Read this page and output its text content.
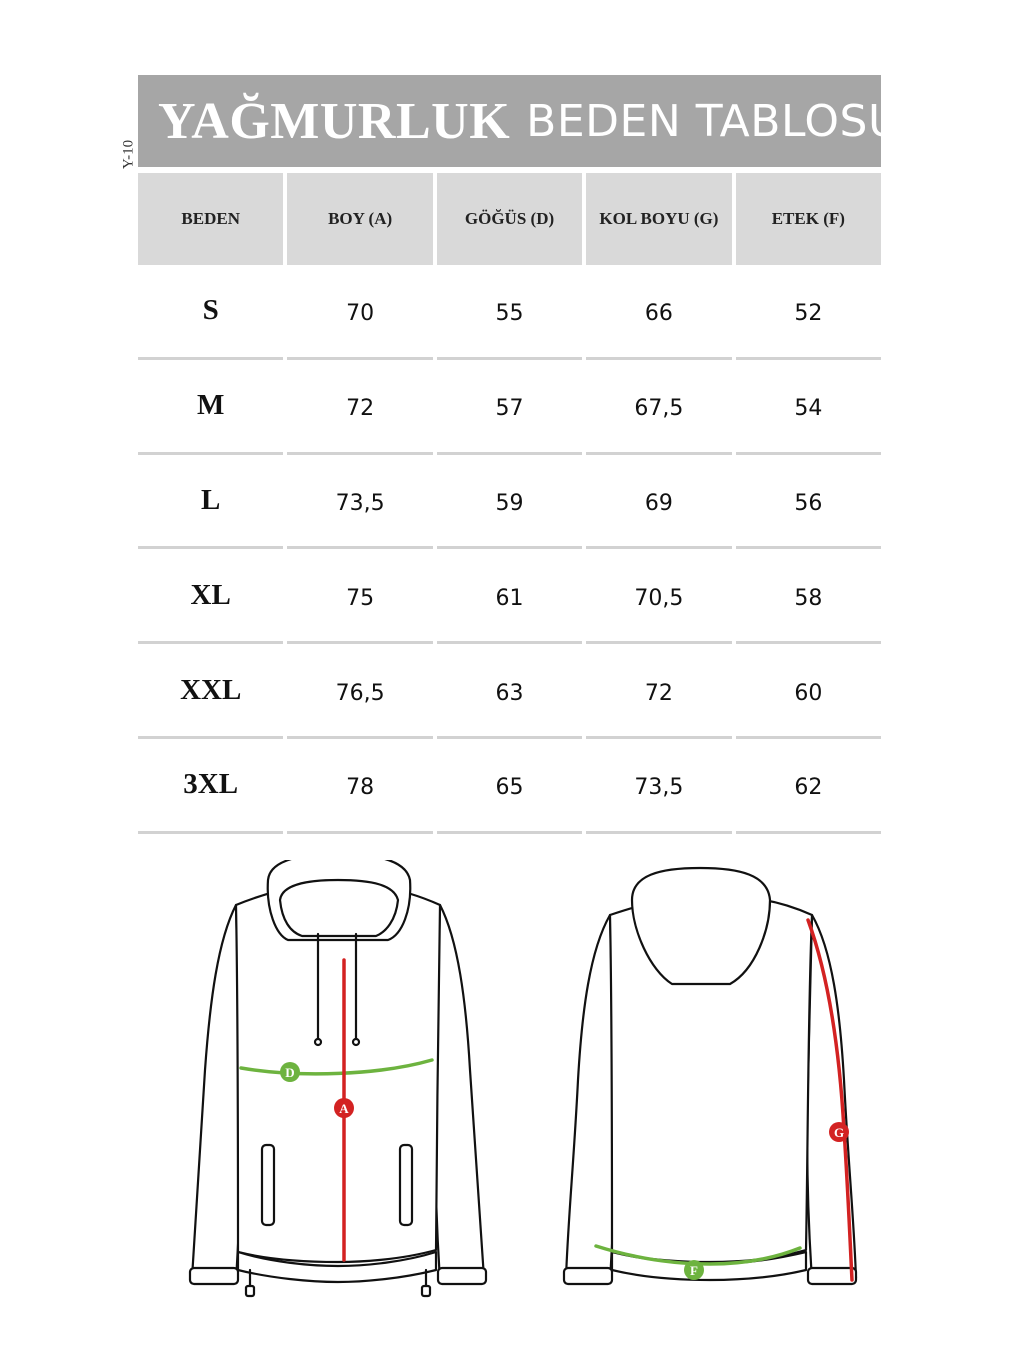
Y-10
YAĞMURLUK BEDEN TABLOSU
BEDEN	BOY (A)	GÖĞÜS (D)	KOL BOYU (G)	ETEK (F)
S	70	55	66	52
M	72	57	67,5	54
L	73,5	59	69	56
XL	75	61	70,5	58
XXL	76,5	63	72	60
3XL	78	65	73,5	62
D
A
G
F
